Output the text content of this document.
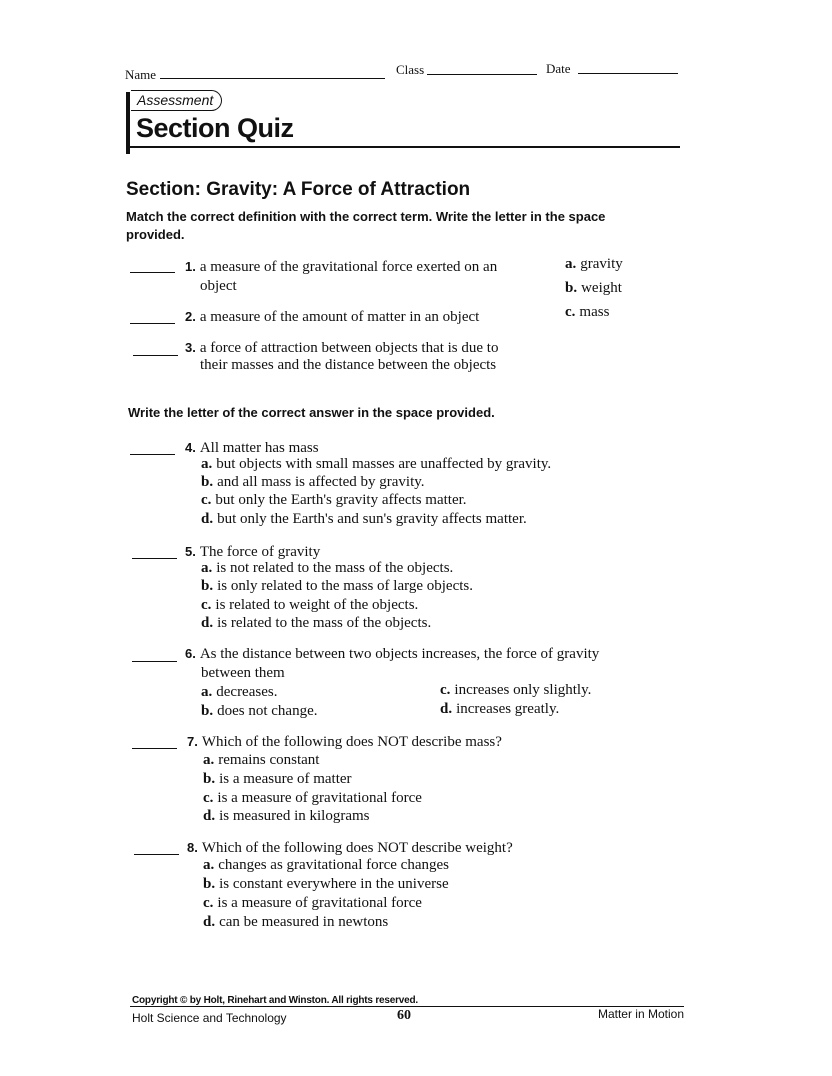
Name	Class	Date
Assessment
Section Quiz
Section: Gravity: A Force of Attraction
Match the correct definition with the correct term. Write the letter in the space provided.
1. a measure of the gravitational force exerted on an
object
2. a measure of the amount of matter in an object
3. a force of attraction between objects that is due to
their masses and the distance between the objects
a. gravity
b. weight
c. mass
Write the letter of the correct answer in the space provided.
4. All matter has mass
a. but objects with small masses are unaffected by gravity.
b. and all mass is affected by gravity.
c. but only the Earth's gravity affects matter.
d. but only the Earth's and sun's gravity affects matter.
5. The force of gravity
a. is not related to the mass of the objects.
b. is only related to the mass of large objects.
c. is related to weight of the objects.
d. is related to the mass of the objects.
6. As the distance between two objects increases, the force of gravity
between them
a. decreases.
b. does not change.
c. increases only slightly.
d. increases greatly.
7. Which of the following does NOT describe mass?
a. remains constant
b. is a measure of matter
c. is a measure of gravitational force
d. is measured in kilograms
8. Which of the following does NOT describe weight?
a. changes as gravitational force changes
b. is constant everywhere in the universe
c. is a measure of gravitational force
d. can be measured in newtons
Copyright © by Holt, Rinehart and Winston. All rights reserved.
Holt Science and Technology	60	Matter in Motion
